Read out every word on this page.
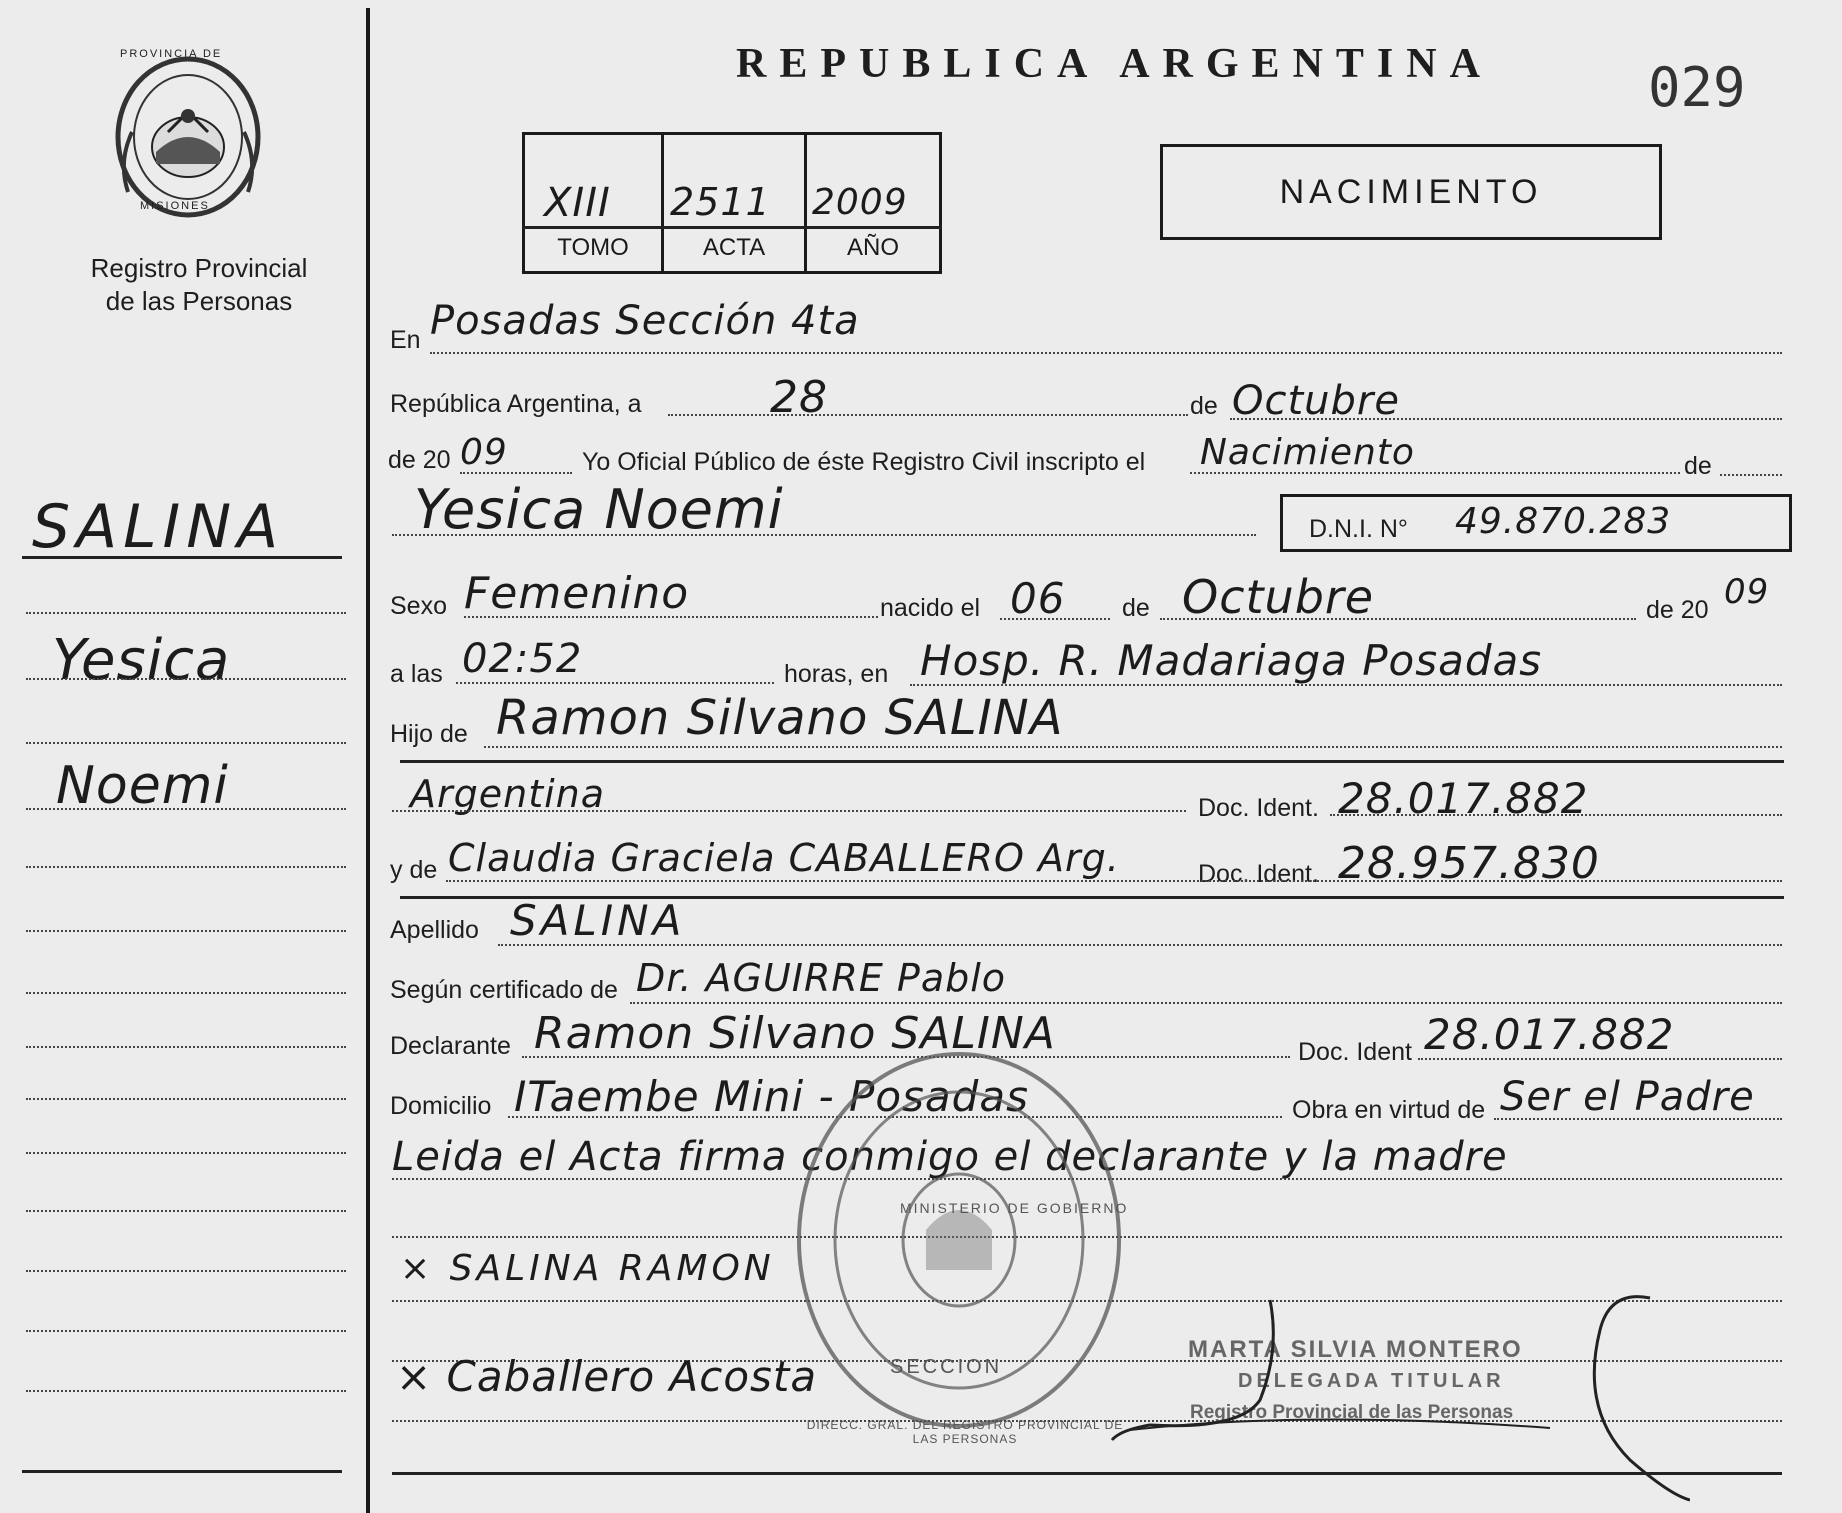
PROVINCIA DE
MISIONES
Registro Provincial
de las Personas
SALINA
Yesica
Noemi
REPUBLICA ARGENTINA	029
XIII 2511 2009
TOMO	ACTA	AÑO
NACIMIENTO
En Posadas Sección 4ta
República Argentina, a	28	de Octubre
de 20 09	Yo Oficial Público de éste Registro Civil inscripto el Nacimiento	de
Yesica Noemi	D.N.I. N° 49.870.283
Sexo Femenino	nacido el 06 de Octubre	de 20 09
a las 02:52	horas, en Hosp. R. Madariaga Posadas
Hijo de Ramon Silvano SALINA
Argentina	Doc. Ident. 28.017.882
y de Claudia Graciela CABALLERO Arg.	Doc. Ident. 28.957.830
Apellido SALINA
Según certificado de Dr. AGUIRRE Pablo
Declarante Ramon Silvano SALINA	Doc. Ident 28.017.882
Domicilio ITaembe Mini - Posadas	Obra en virtud de Ser el Padre
Leida el Acta firma conmigo el declarante y la madre
× SALINA RAMON
× Caballero Acosta
MINISTERIO DE GOBIERNO
SECCION
DIRECC. GRAL. DEL REGISTRO PROVINCIAL DE LAS PERSONAS
MARTA SILVIA MONTERO
DELEGADA TITULAR
Registro Provincial de las Personas
